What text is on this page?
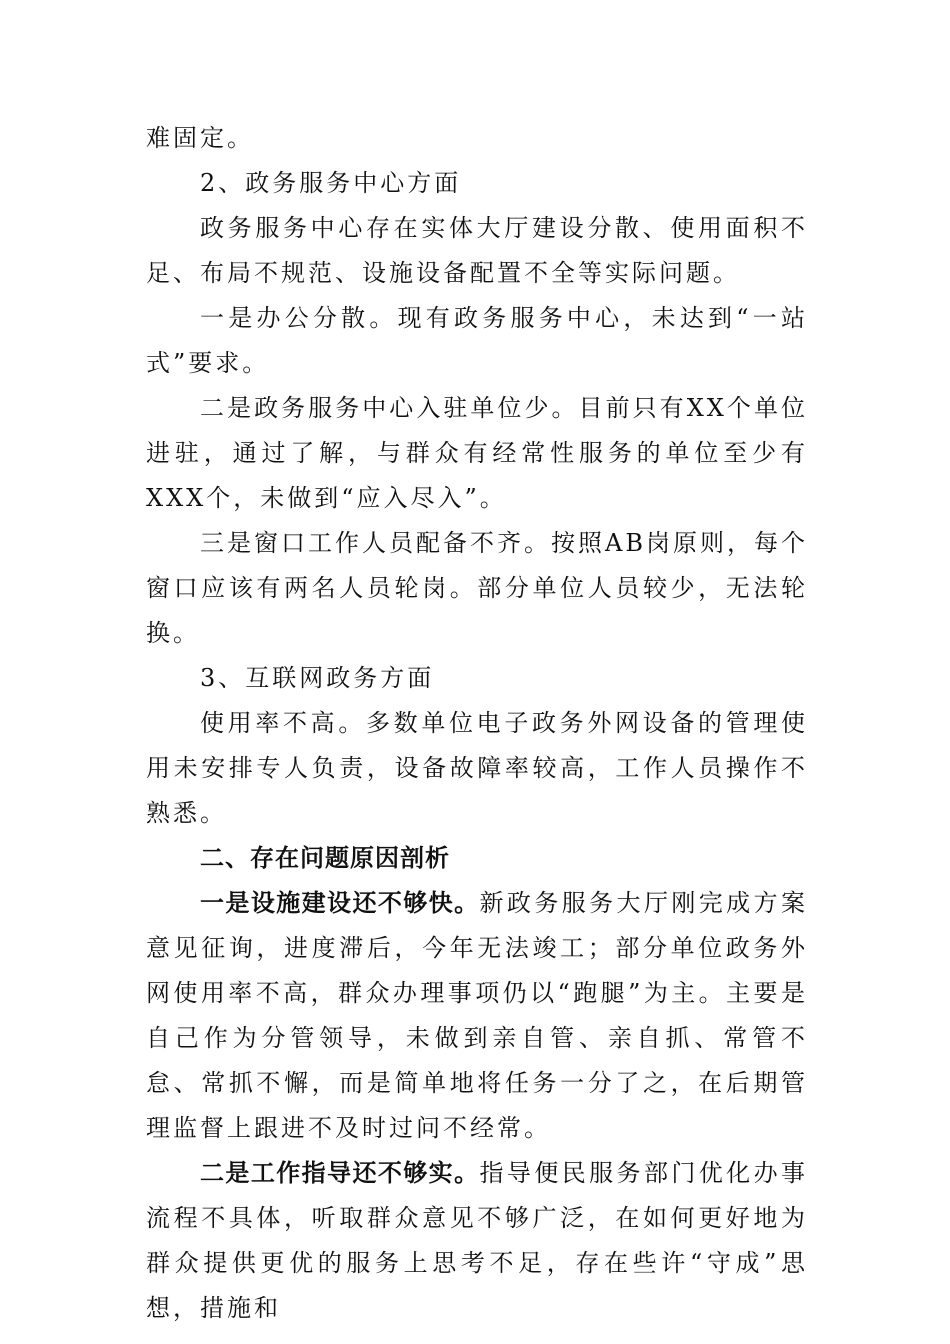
难固定。

2、政务服务中心方面

政务服务中心存在实体大厅建设分散、使用面积不足、布局不规范、设施设备配置不全等实际问题。

一是办公分散。现有政务服务中心，未达到“一站式”要求。

二是政务服务中心入驻单位少。目前只有XX个单位进驻，通过了解，与群众有经常性服务的单位至少有XXX个，未做到“应入尽入”。

三是窗口工作人员配备不齐。按照AB岗原则，每个窗口应该有两名人员轮岗。部分单位人员较少，无法轮换。

3、互联网政务方面

使用率不高。多数单位电子政务外网设备的管理使用未安排专人负责，设备故障率较高，工作人员操作不熟悉。

二、存在问题原因剖析

一是设施建设还不够快。新政务服务大厅刚完成方案意见征询，进度滞后，今年无法竣工；部分单位政务外网使用率不高，群众办理事项仍以“跑腿”为主。主要是自己作为分管领导，未做到亲自管、亲自抓、常管不怠、常抓不懈，而是简单地将任务一分了之，在后期管理监督上跟进不及时过问不经常。

二是工作指导还不够实。指导便民服务部门优化办事流程不具体，听取群众意见不够广泛，在如何更好地为群众提供更优的服务上思考不足，存在些许“守成”思想，措施和
